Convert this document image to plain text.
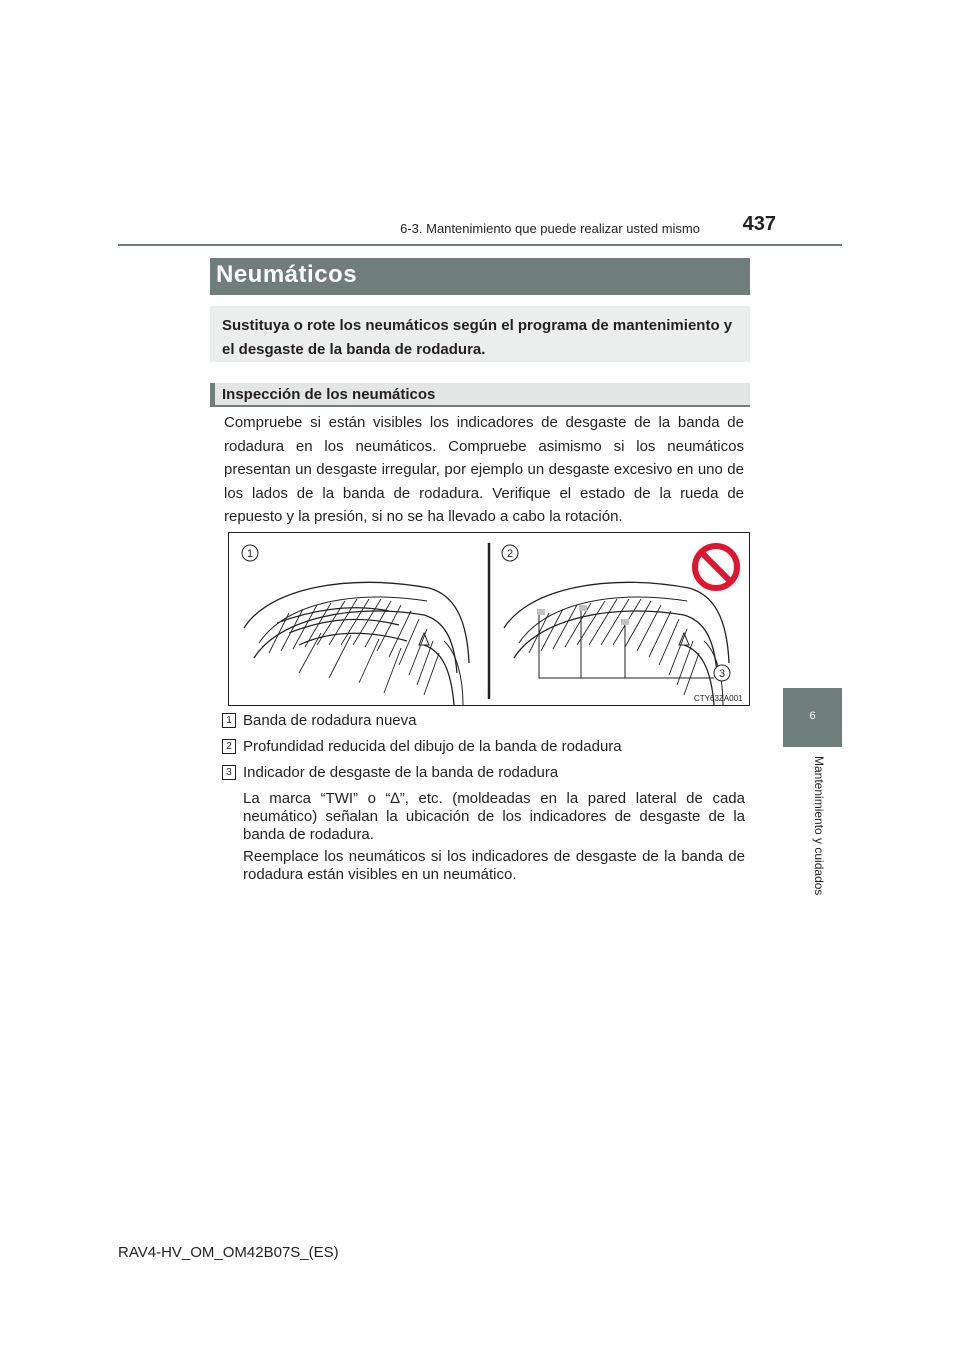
6-3. Mantenimiento que puede realizar usted mismo	437
6
Mantenimiento y cuidados
Neumáticos
Sustituya o rote los neumáticos según el programa de mantenimiento y el desgaste de la banda de rodadura.
Inspección de los neumáticos
Compruebe si están visibles los indicadores de desgaste de la banda de rodadura en los neumáticos. Compruebe asimismo si los neumáticos presentan un desgaste irregular, por ejemplo un desgaste excesivo en uno de los lados de la banda de rodadura. Verifique el estado de la rueda de repuesto y la presión, si no se ha llevado a cabo la rotación.
1	2
3
CTY63ZA001
1 Banda de rodadura nueva
2 Profundidad reducida del dibujo de la banda de rodadura
3 Indicador de desgaste de la banda de rodadura
La marca “TWI” o “∆”, etc. (moldeadas en la pared lateral de cada neumático) señalan la ubicación de los indicadores de desgaste de la banda de rodadura.
Reemplace los neumáticos si los indicadores de desgaste de la banda de rodadura están visibles en un neumático.
RAV4-HV_OM_OM42B07S_(ES)
